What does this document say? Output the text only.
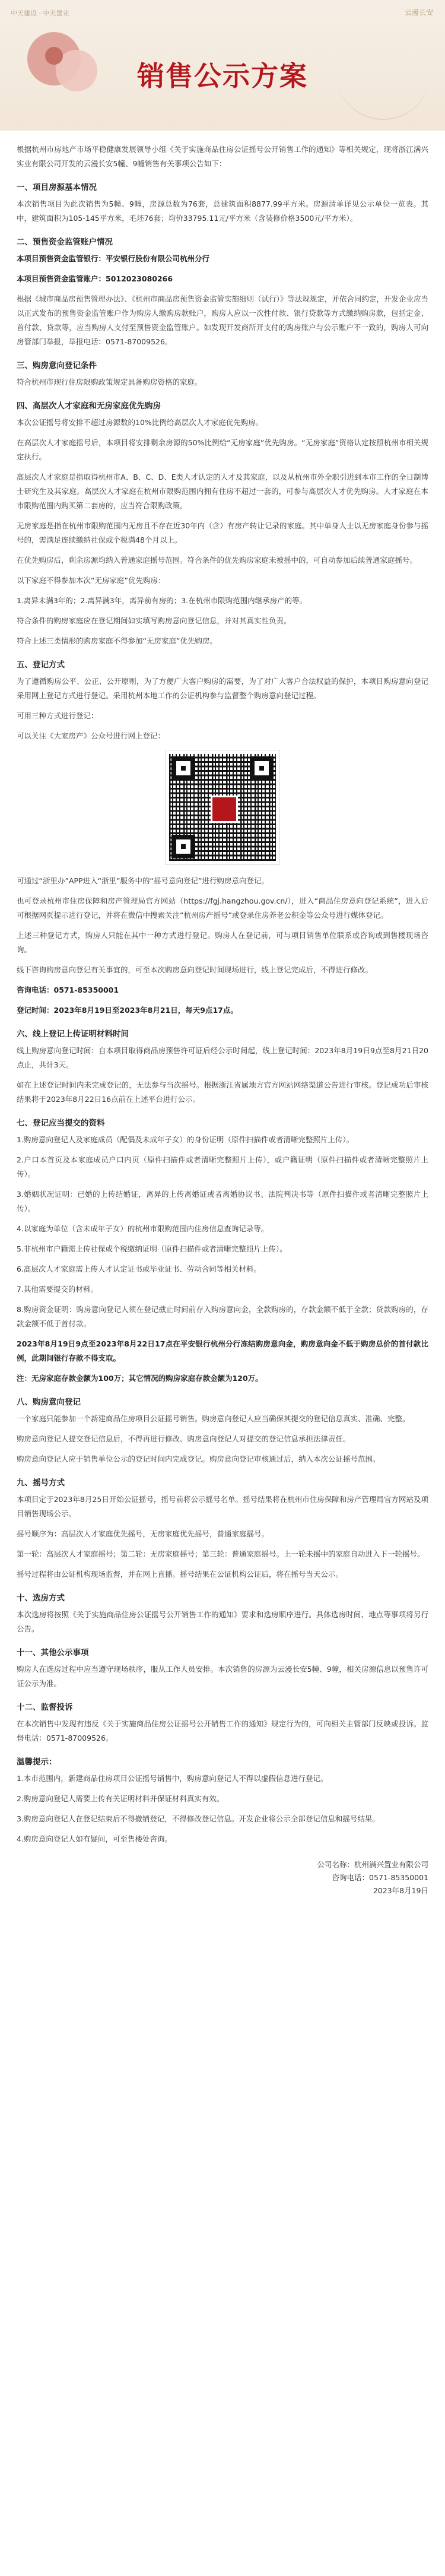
中天建设 · 中天置业	云漫长安
销售公示方案

根据杭州市房地产市场平稳健康发展领导小组《关于实施商品住房公证摇号公开销售工作的通知》等相关规定，现将浙江满兴实业有限公司开发的云漫长安5幢、9幢销售有关事项公告如下：

一、项目房源基本情况

本次销售项目为此次销售为5幢、9幢，房源总数为76套，总建筑面积8877.99平方米。房源清单详见公示单位一览表。其中，建筑面积为105-145平方米，毛坯76套；均价33795.11元/平方米（含装修价格3500元/平方米）。

二、预售资金监管账户情况

本项目预售资金监管银行：平安银行股份有限公司杭州分行

本项目预售资金监管账户：5012023080266

根据《城市商品房预售管理办法》、《杭州市商品房预售资金监管实施细则（试行）》等法规规定，并依合同约定，开发企业应当以正式发布的预售资金监管账户作为购房人缴购房款账户，购房人应以一次性付款、银行贷款等方式缴纳购房款，包括定金、首付款、贷款等，应当购房人支付至预售资金监管账户。如发现开发商所开支付的购房账户与公示账户不一致的，购房人可向房管部门举报，举报电话：0571-87009526。

三、购房意向登记条件

符合杭州市现行住房限购政策规定具备购房资格的家庭。

四、高层次人才家庭和无房家庭优先购房

本次公证摇号将安排不超过房源数的10%比例给高层次人才家庭优先购房。

在高层次人才家庭摇号后，本项目将安排剩余房源的50%比例给“无房家庭”优先购房。“无房家庭”资格认定按照杭州市相关规定执行。

高层次人才家庭是指取得杭州市A、B、C、D、E类人才认定的人才及其家庭，以及从杭州市外全职引进到本市工作的全日制博士研究生及其家庭。高层次人才家庭在杭州市限购范围内拥有住房不超过一套的，可参与高层次人才优先购房。人才家庭在本市限购范围内购买第二套房的，应当符合限购政策。

无房家庭是指在杭州市限购范围内无房且不存在近30年内（含）有房产转让记录的家庭。其中单身人士以无房家庭身份参与摇号的，需满足连续缴纳社保或个税满48个月以上。

在优先购房后，剩余房源均纳入普通家庭摇号范围。符合条件的优先购房家庭未被摇中的，可自动参加后续普通家庭摇号。

以下家庭不得参加本次“无房家庭”优先购房：

1.离异未满3年的；2.离异满3年，离异前有房的；3.在杭州市限购范围内继承房产的等。

符合条件的购房家庭应在登记期间如实填写购房意向登记信息，并对其真实性负责。

符合上述三类情形的购房家庭不得参加“无房家庭”优先购房。

五、登记方式

为了遵循购房公平、公正、公开原则，为了方便广大客户购房的需要，为了对广大客户合法权益的保护，本项目购房意向登记采用网上登记方式进行登记。采用杭州本地工作的公证机构参与监督整个购房意向登记过程。

可用三种方式进行登记：

可以关注《大家房产》公众号进行网上登记：

可通过“浙里办”APP进入“浙里”服务中的“摇号意向登记”进行购房意向登记。

也可登录杭州市住房保障和房产管理局官方网站（https://fgj.hangzhou.gov.cn/），进入“商品住房意向登记系统”，进入后可根据网页提示进行登记，并将在微信中搜索关注“杭州房产摇号”或登录住房养老公积金等公众号进行媒体登记。

上述三种登记方式，购房人只能在其中一种方式进行登记。购房人在登记前，可与项目销售单位联系或咨询或到售楼现场咨询。

线下咨询购房意向登记有关事宜的，可至本次购房意向登记时间现场进行，线上登记完成后，不得进行修改。

咨询电话：0571-85350001

登记时间：2023年8月19日至2023年8月21日，每天9点17点。

六、线上登记上传证明材料时间

线上购房意向登记时间：自本项目取得商品房预售许可证后经公示时间起，线上登记时间：2023年8月19日9点至8月21日20点止，共计3天。

如在上述登记时间内未完成登记的，无法参与当次摇号。根据浙江省属地方官方网站网络渠道公告进行审核。登记成功后审核结果将于2023年8月22日16点前在上述平台进行公示。

七、登记应当提交的资料

1.购房意向登记人及家庭成员（配偶及未成年子女）的身份证明（原件扫描件或者清晰完整照片上传）。

2.户口本首页及本家庭成员户口内页（原件扫描件或者清晰完整照片上传），或户籍证明（原件扫描件或者清晰完整照片上传）。

3.婚姻状况证明：已婚的上传结婚证，离异的上传离婚证或者离婚协议书、法院判决书等（原件扫描件或者清晰完整照片上传）。

4.以家庭为单位（含未成年子女）的杭州市限购范围内住房信息查询记录等。

5.非杭州市户籍需上传社保或个税缴纳证明（原件扫描件或者清晰完整照片上传）。

6.高层次人才家庭需上传人才认定证书或毕业证书、劳动合同等相关材料。

7.其他需要提交的材料。

8.购房资金证明：购房意向登记人须在登记截止时间前存入购房意向金，全款购房的，存款金额不低于全款；贷款购房的，存款金额不低于首付款。

2023年8月19日9点至2023年8月22日17点在平安银行杭州分行冻结购房意向金，购房意向金不低于购房总价的首付款比例，此期间银行存款不得支取。

注：无房家庭存款金额为100万；其它情况的购房家庭存款金额为120万。

八、购房意向登记

一个家庭只能参加一个新建商品住房项目公证摇号销售。购房意向登记人应当确保其提交的登记信息真实、准确、完整。

购房意向登记人提交登记信息后，不得再进行修改。购房意向登记人对提交的登记信息承担法律责任。

购房意向登记人应于销售单位公示的登记时间内完成登记。购房意向登记审核通过后，纳入本次公证摇号范围。

九、摇号方式

本项目定于2023年8月25日开始公证摇号，摇号前将公示摇号名单。摇号结果将在杭州市住房保障和房产管理局官方网站及项目销售现场公示。

摇号顺序为：高层次人才家庭优先摇号，无房家庭优先摇号，普通家庭摇号。

第一轮：高层次人才家庭摇号；第二轮：无房家庭摇号；第三轮：普通家庭摇号。上一轮未摇中的家庭自动进入下一轮摇号。

摇号过程将由公证机构现场监督，并在网上直播。摇号结果在公证机构公证后，将在摇号当天公示。

十、选房方式

本次选房将按照《关于实施商品住房公证摇号公开销售工作的通知》要求和选房顺序进行。具体选房时间、地点等事项将另行公告。

十一、其他公示事项

购房人在选房过程中应当遵守现场秩序，服从工作人员安排。本次销售的房源为云漫长安5幢、9幢，相关房源信息以预售许可证公示为准。

十二、监督投诉

在本次销售中发现有违反《关于实施商品住房公证摇号公开销售工作的通知》规定行为的，可向相关主管部门反映或投诉。监督电话：0571-87009526。

温馨提示：

1.本市范围内，新建商品住房项目公证摇号销售中，购房意向登记人不得以虚假信息进行登记。

2.购房意向登记人需要上传有关证明材料并保证材料真实有效。

3.购房意向登记人在登记结束后不得撤销登记，不得修改登记信息。开发企业将公示全部登记信息和摇号结果。

4.购房意向登记人如有疑问，可至售楼处咨询。

公司名称：杭州满兴置业有限公司
咨询电话：0571-85350001
2023年8月19日
